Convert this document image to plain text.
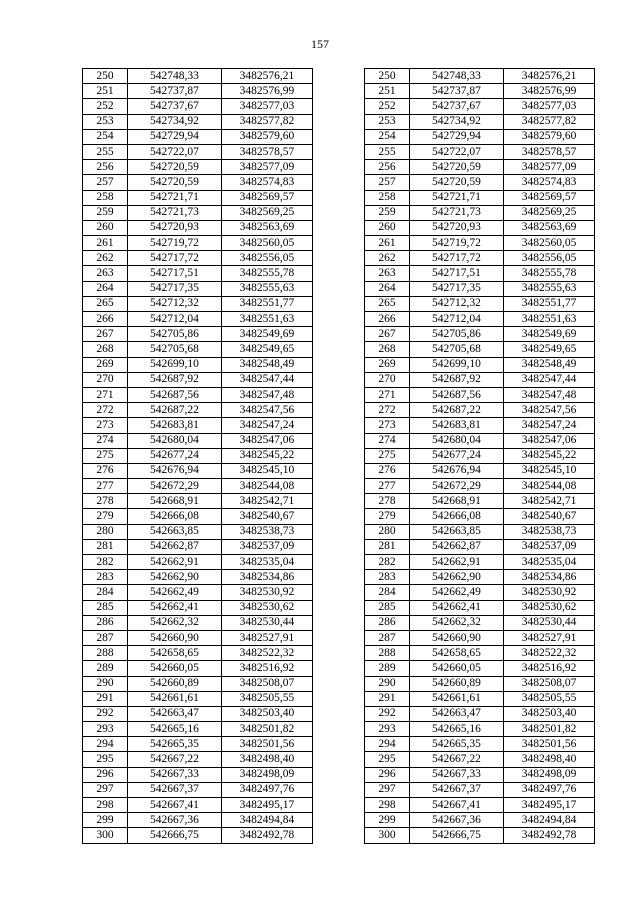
157
250	542748,33	3482576,21		250	542748,33	3482576,21
251	542737,87	3482576,99		251	542737,87	3482576,99
252	542737,67	3482577,03		252	542737,67	3482577,03
253	542734,92	3482577,82		253	542734,92	3482577,82
254	542729,94	3482579,60		254	542729,94	3482579,60
255	542722,07	3482578,57		255	542722,07	3482578,57
256	542720,59	3482577,09		256	542720,59	3482577,09
257	542720,59	3482574,83		257	542720,59	3482574,83
258	542721,71	3482569,57		258	542721,71	3482569,57
259	542721,73	3482569,25		259	542721,73	3482569,25
260	542720,93	3482563,69		260	542720,93	3482563,69
261	542719,72	3482560,05		261	542719,72	3482560,05
262	542717,72	3482556,05		262	542717,72	3482556,05
263	542717,51	3482555,78		263	542717,51	3482555,78
264	542717,35	3482555,63		264	542717,35	3482555,63
265	542712,32	3482551,77		265	542712,32	3482551,77
266	542712,04	3482551,63		266	542712,04	3482551,63
267	542705,86	3482549,69		267	542705,86	3482549,69
268	542705,68	3482549,65		268	542705,68	3482549,65
269	542699,10	3482548,49		269	542699,10	3482548,49
270	542687,92	3482547,44		270	542687,92	3482547,44
271	542687,56	3482547,48		271	542687,56	3482547,48
272	542687,22	3482547,56		272	542687,22	3482547,56
273	542683,81	3482547,24		273	542683,81	3482547,24
274	542680,04	3482547,06		274	542680,04	3482547,06
275	542677,24	3482545,22		275	542677,24	3482545,22
276	542676,94	3482545,10		276	542676,94	3482545,10
277	542672,29	3482544,08		277	542672,29	3482544,08
278	542668,91	3482542,71		278	542668,91	3482542,71
279	542666,08	3482540,67		279	542666,08	3482540,67
280	542663,85	3482538,73		280	542663,85	3482538,73
281	542662,87	3482537,09		281	542662,87	3482537,09
282	542662,91	3482535,04		282	542662,91	3482535,04
283	542662,90	3482534,86		283	542662,90	3482534,86
284	542662,49	3482530,92		284	542662,49	3482530,92
285	542662,41	3482530,62		285	542662,41	3482530,62
286	542662,32	3482530,44		286	542662,32	3482530,44
287	542660,90	3482527,91		287	542660,90	3482527,91
288	542658,65	3482522,32		288	542658,65	3482522,32
289	542660,05	3482516,92		289	542660,05	3482516,92
290	542660,89	3482508,07		290	542660,89	3482508,07
291	542661,61	3482505,55		291	542661,61	3482505,55
292	542663,47	3482503,40		292	542663,47	3482503,40
293	542665,16	3482501,82		293	542665,16	3482501,82
294	542665,35	3482501,56		294	542665,35	3482501,56
295	542667,22	3482498,40		295	542667,22	3482498,40
296	542667,33	3482498,09		296	542667,33	3482498,09
297	542667,37	3482497,76		297	542667,37	3482497,76
298	542667,41	3482495,17		298	542667,41	3482495,17
299	542667,36	3482494,84		299	542667,36	3482494,84
300	542666,75	3482492,78		300	542666,75	3482492,78
